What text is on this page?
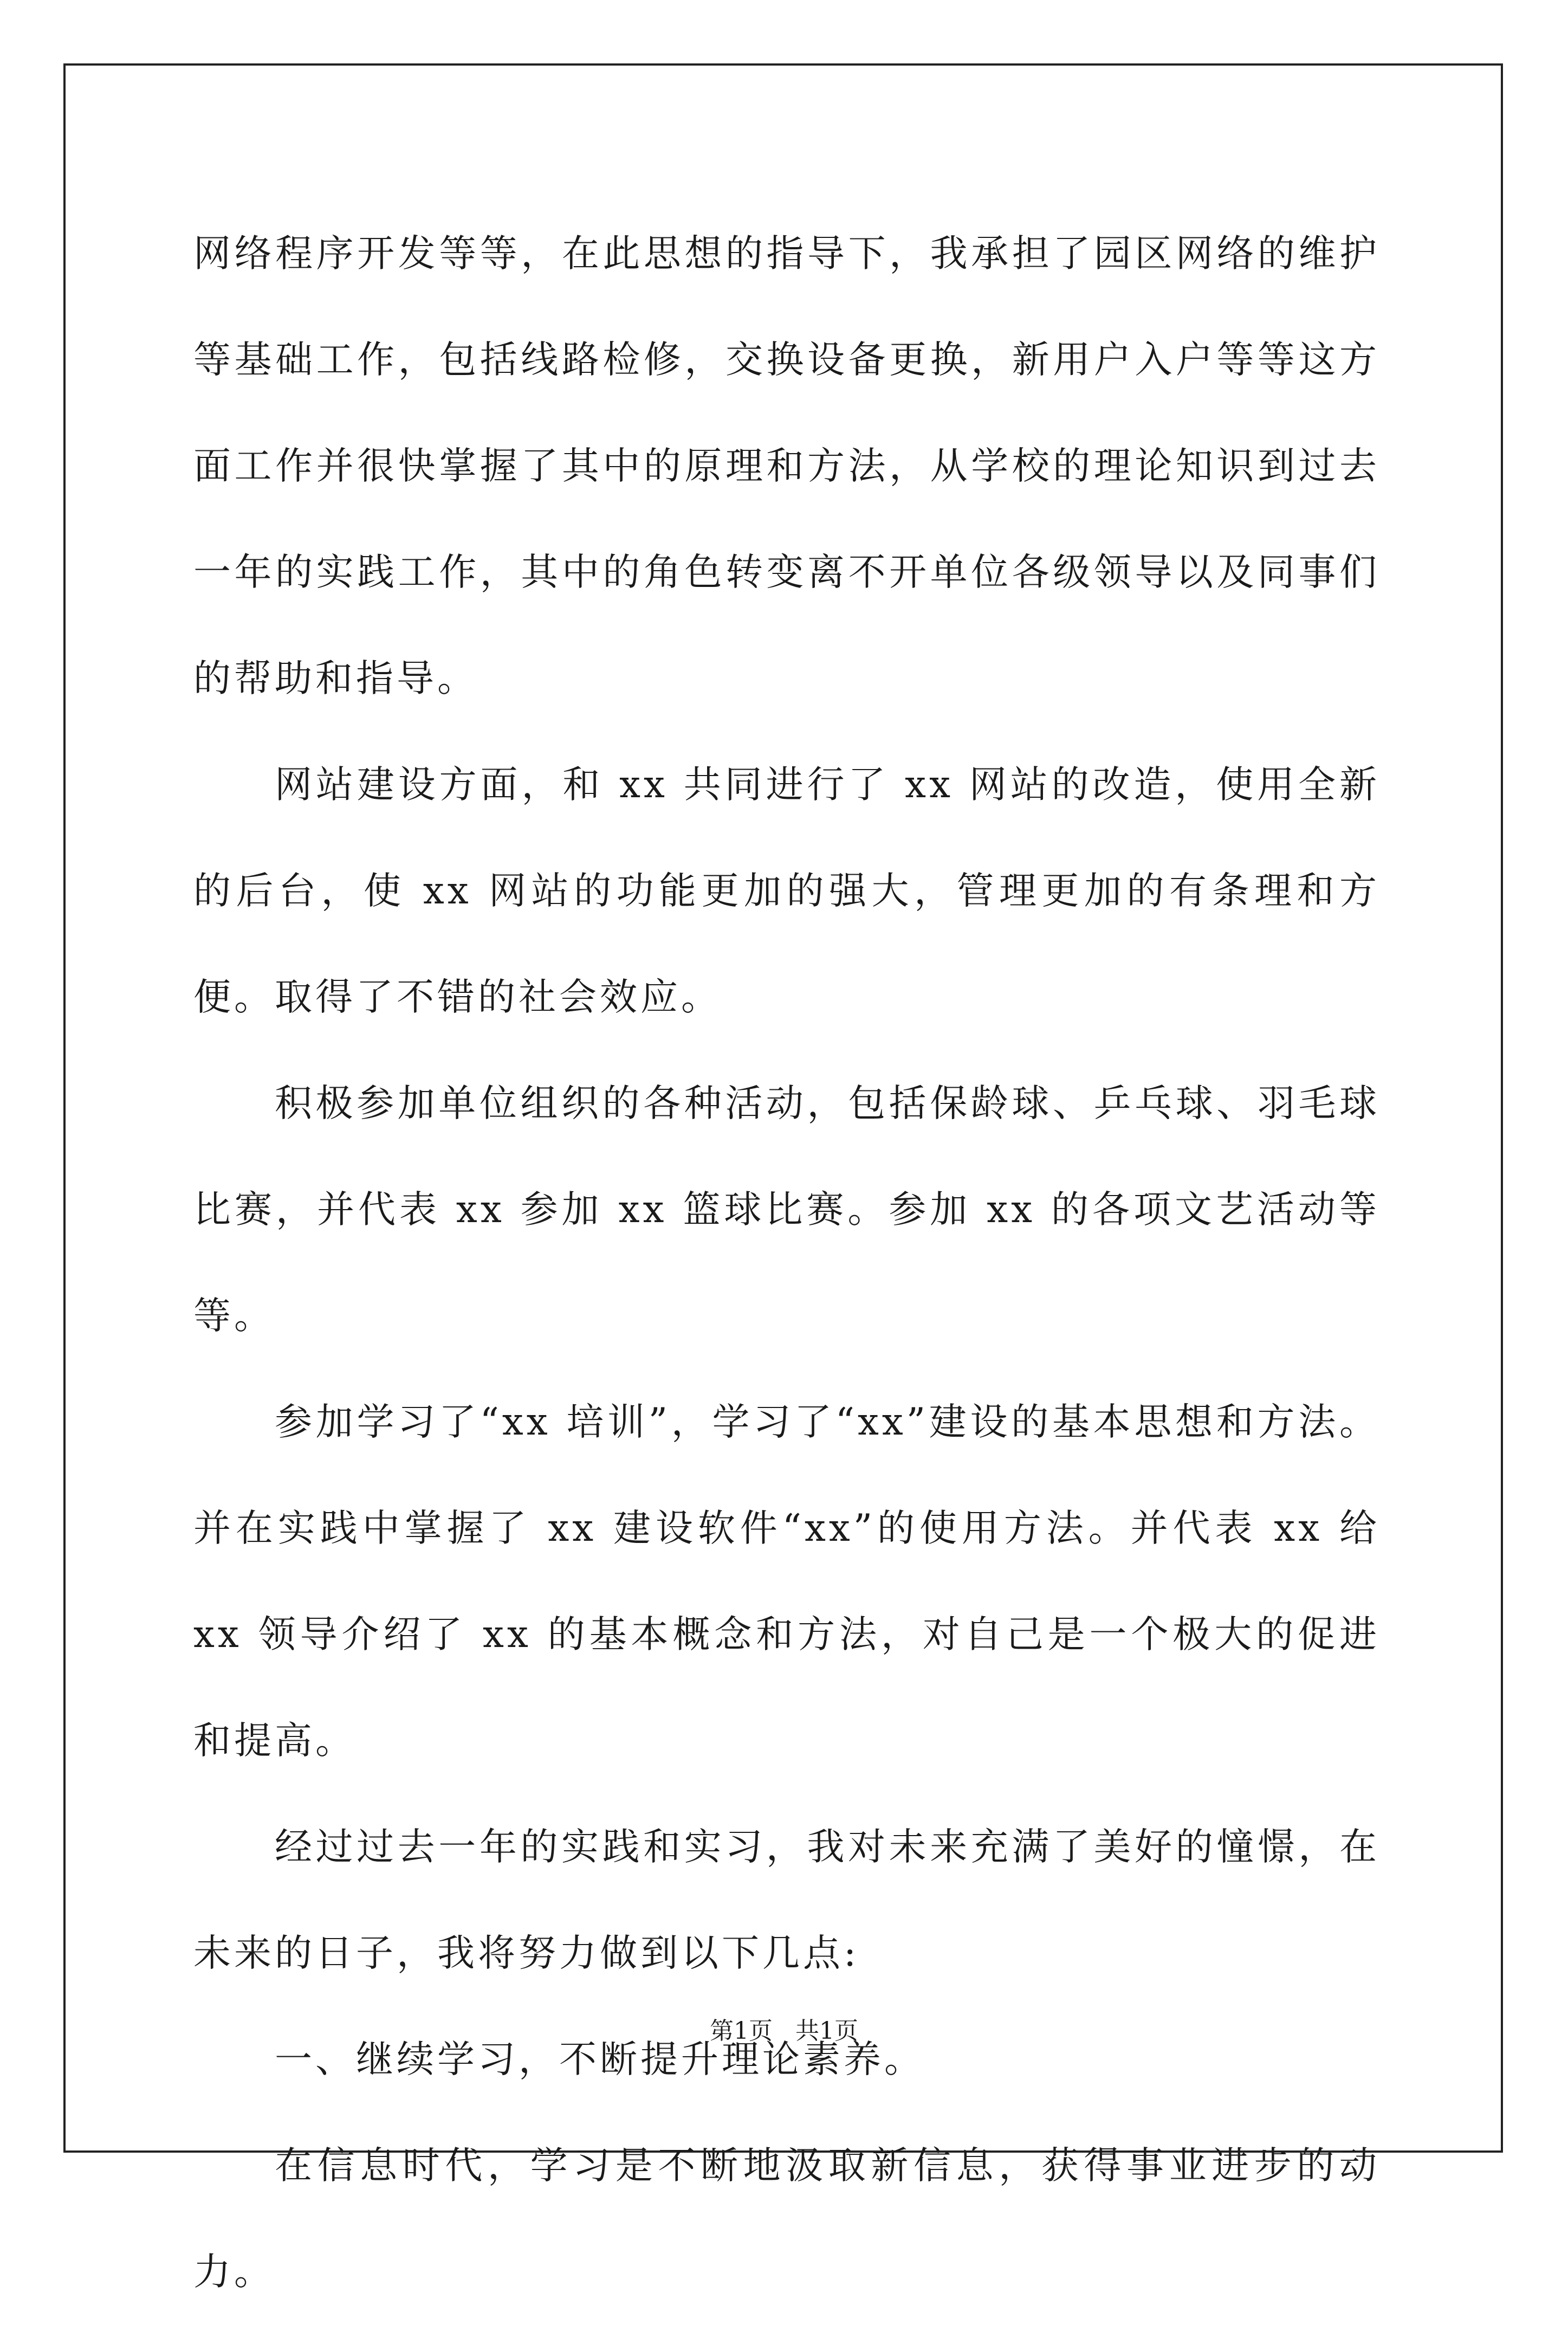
网络程序开发等等，在此思想的指导下，我承担了园区网络的维护等基础工作，包括线路检修，交换设备更换，新用户入户等等这方面工作并很快掌握了其中的原理和方法，从学校的理论知识到过去一年的实践工作，其中的角色转变离不开单位各级领导以及同事们的帮助和指导。

网站建设方面，和 xx 共同进行了 xx 网站的改造，使用全新的后台，使 xx 网站的功能更加的强大，管理更加的有条理和方便。取得了不错的社会效应。

积极参加单位组织的各种活动，包括保龄球、乒乓球、羽毛球比赛，并代表 xx 参加 xx 篮球比赛。参加 xx 的各项文艺活动等等。

参加学习了“xx 培训”，学习了“xx”建设的基本思想和方法。并在实践中掌握了 xx 建设软件“xx”的使用方法。并代表 xx 给 xx 领导介绍了 xx 的基本概念和方法，对自己是一个极大的促进和提高。

经过过去一年的实践和实习，我对未来充满了美好的憧憬，在未来的日子，我将努力做到以下几点:

一、继续学习，不断提升理论素养。

在信息时代，学习是不断地汲取新信息，获得事业进步的动力。

第1页   共1页
